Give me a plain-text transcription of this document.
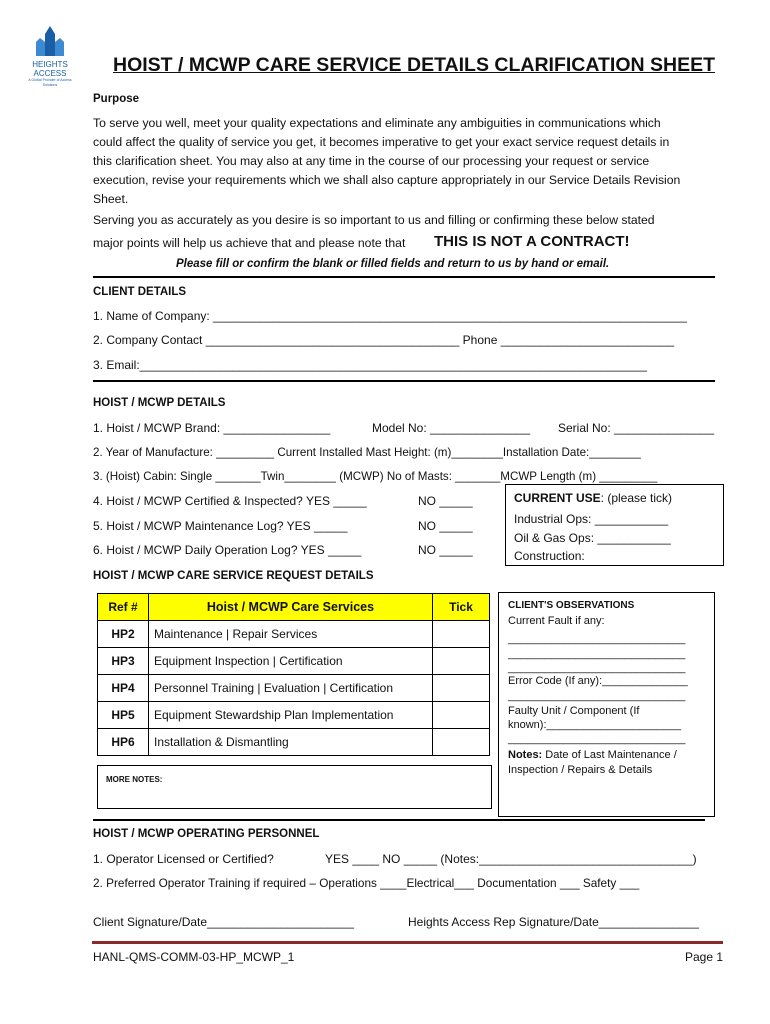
HEIGHTS
ACCESS
A Global Provider of Access Solutions
HOIST / MCWP CARE SERVICE DETAILS CLARIFICATION SHEET
Purpose
To serve you well, meet your quality expectations and eliminate any ambiguities in communications which
could affect the quality of service you get, it becomes imperative to get your exact service request details in
this clarification sheet. You may also at any time in the course of our processing your request or service
execution, revise your requirements which we shall also capture appropriately in our Service Details Revision
Sheet.
Serving you as accurately as you desire is so important to us and filling or confirming these below stated
major points will help us achieve that and please note that THIS IS NOT A CONTRACT!
Please fill or confirm the blank or filled fields and return to us by hand or email.
CLIENT DETAILS
1. Name of Company: _______________________________________________________________________
2. Company Contact ______________________________________ Phone __________________________
3. Email:____________________________________________________________________________
HOIST / MCWP DETAILS
1. Hoist / MCWP Brand: ________________	Model No: _______________ Serial No: _______________
2. Year of Manufacture: _________ Current Installed Mast Height: (m)________Installation Date:________
3. (Hoist) Cabin: Single _______Twin________ (MCWP) No of Masts: _______MCWP Length (m) _________
4. Hoist / MCWP Certified & Inspected? YES _____	NO _____
5. Hoist / MCWP Maintenance Log? YES _____	NO _____
6. Hoist / MCWP Daily Operation Log? YES _____	NO _____
CURRENT USE: (please tick)
Industrial Ops: ___________
Oil & Gas Ops: ___________
Construction:
HOIST / MCWP CARE SERVICE REQUEST DETAILS
Ref #	Hoist / MCWP Care Services	Tick
HP2	Maintenance | Repair Services	
HP3	Equipment Inspection | Certification	
HP4	Personnel Training | Evaluation | Certification	
HP5	Equipment Stewardship Plan Implementation	
HP6	Installation & Dismantling	
MORE NOTES:
CLIENT'S OBSERVATIONS
Current Fault if any:
_____________________________
_____________________________
_____________________________
Error Code (If any):______________
_____________________________
Faulty Unit / Component (If
known):______________________
_____________________________
Notes: Date of Last Maintenance /
Inspection / Repairs & Details
HOIST / MCWP OPERATING PERSONNEL
1. Operator Licensed or Certified?	YES ____ NO _____ (Notes:________________________________)
2. Preferred Operator Training if required – Operations ____Electrical___ Documentation ___ Safety ___
Client Signature/Date______________________	Heights Access Rep Signature/Date_______________
HANL-QMS-COMM-03-HP_MCWP_1	Page 1
